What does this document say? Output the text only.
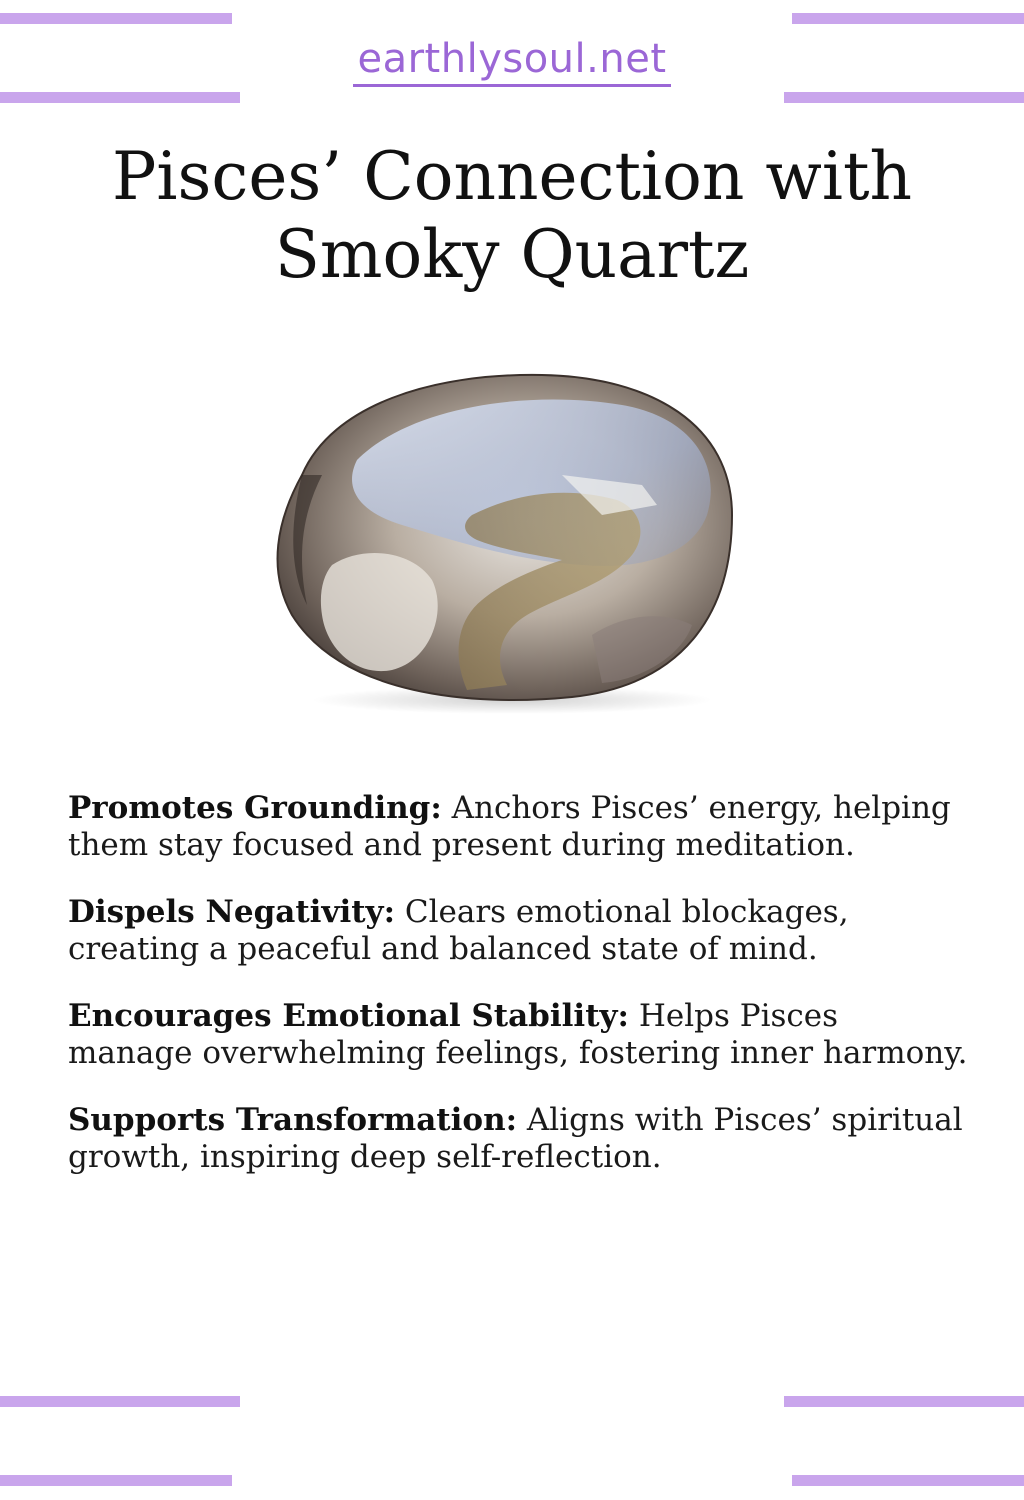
earthlysoul.net
Pisces’ Connection with
Smoky Quartz

Promotes Grounding: Anchors Pisces’ energy, helping them stay focused and present during meditation.

Dispels Negativity: Clears emotional blockages, creating a peaceful and balanced state of mind.

Encourages Emotional Stability: Helps Pisces manage overwhelming feelings, fostering inner harmony.

Supports Transformation: Aligns with Pisces’ spiritual growth, inspiring deep self-reflection.
